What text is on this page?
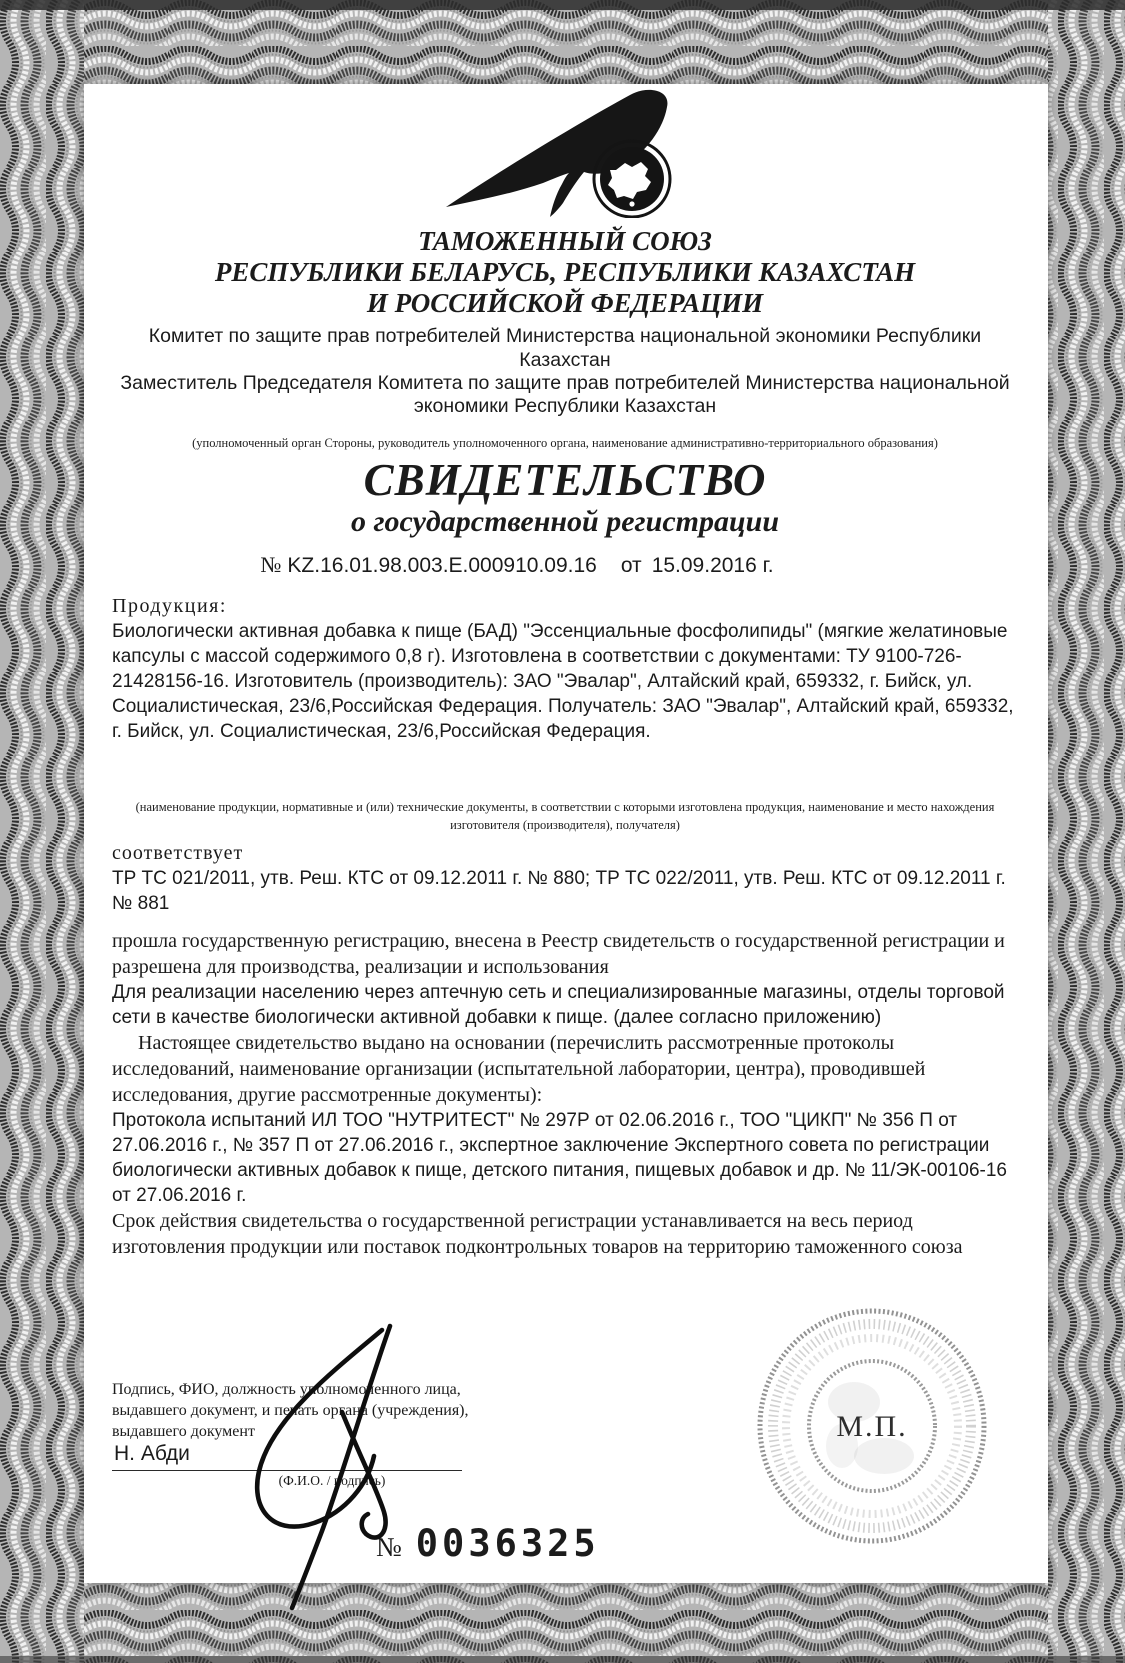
ТАМОЖЕННЫЙ СОЮЗ
РЕСПУБЛИКИ БЕЛАРУСЬ, РЕСПУБЛИКИ КАЗАХСТАН
И РОССИЙСКОЙ ФЕДЕРАЦИИ

Комитет по защите прав потребителей Министерства национальной экономики Республики Казахстан

Заместитель Председателя Комитета по защите прав потребителей Министерства национальной экономики Республики Казахстан

(уполномоченный орган Стороны, руководитель уполномоченного органа, наименование административно-территориального образования)
СВИДЕТЕЛЬСТВО
о государственной регистрации
№ KZ.16.01.98.003.E.000910.09.16 от 15.09.2016 г.
Продукция:

Биологически активная добавка к пище (БАД) "Эссенциальные фосфолипиды" (мягкие желатиновые капсулы с массой содержимого 0,8 г). Изготовлена в соответствии с документами: ТУ 9100-726-21428156-16. Изготовитель (производитель): ЗАО "Эвалар", Алтайский край, 659332, г. Бийск, ул. Социалистическая, 23/6,Российская Федерация. Получатель: ЗАО "Эвалар", Алтайский край, 659332, г. Бийск, ул. Социалистическая, 23/6,Российская Федерация.

(наименование продукции, нормативные и (или) технические документы, в соответствии с которыми изготовлена продукция, наименование и место нахождения изготовителя (производителя), получателя)
соответствует

ТР ТС 021/2011, утв. Реш. КТС от 09.12.2011 г. № 880; ТР ТС 022/2011, утв. Реш. КТС от 09.12.2011 г. № 881

прошла государственную регистрацию, внесена в Реестр свидетельств о государственной регистрации и разрешена для производства, реализации и использования

Для реализации населению через аптечную сеть и специализированные магазины, отделы торговой сети в качестве биологически активной добавки к пище. (далее согласно приложению)

Настоящее свидетельство выдано на основании (перечислить рассмотренные протоколы исследований, наименование организации (испытательной лаборатории, центра), проводившей исследования, другие рассмотренные документы):

Протокола испытаний ИЛ ТОО "НУТРИТЕСТ" № 297Р от 02.06.2016 г., ТОО "ЦИКП" № 356 П от 27.06.2016 г., № 357 П от 27.06.2016 г., экспертное заключение Экспертного совета по регистрации биологически активных добавок к пище, детского питания, пищевых добавок и др. № 11/ЭК-00106-16 от 27.06.2016 г.

Срок действия свидетельства о государственной регистрации устанавливается на весь период изготовления продукции или поставок подконтрольных товаров на территорию таможенного союза

Подпись, ФИО, должность уполномоченного лица, выдавшего документ, и печать органа (учреждения), выдавшего документ
Н. Абди
(Ф.И.О. / подпись)
М.П.
№ 0036325
